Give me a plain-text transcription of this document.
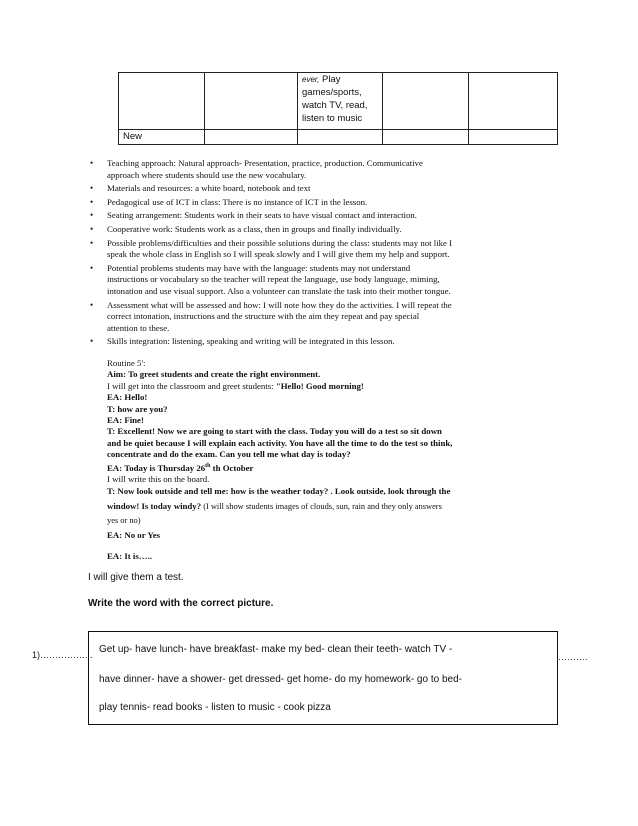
		ever, Play
games/sports,
watch TV, read,
listen to music		

New				
• Teaching approach: Natural approach- Presentation, practice, production. Communicative
approach where students should use the new vocabulary.
• Materials and resources: a white board, notebook and text
• Pedagogical use of ICT in class: There is no instance of ICT in the lesson.
• Seating arrangement: Students work in their seats to have visual contact and interaction.
• Cooperative work: Students work as a class, then in groups and finally individually.
• Possible problems/difficulties and their possible solutions during the class: students may not like I
speak the whole class in English so I will speak slowly and I will give them my help and support.
• Potential problems students may have with the language: students may not understand
instructions or vocabulary so the teacher will repeat the language, use body language, miming,
intonation and use visual support. Also a volunteer can translate the task into their mother tongue.
• Assessment what will be assessed and how: I will note how they do the activities. I will repeat the
correct intonation, instructions and the structure with the aim they repeat and pay special
attention to these.
• Skills integration: listening, speaking and writing will be integrated in this lesson.
Routine 5':
Aim: To greet students and create the right environment.
I will get into the classroom and greet students: "Hello! Good morning!
EA: Hello!
T: how are you?
EA: Fine!
T: Excellent! Now we are going to start with the class. Today you will do a test so sit down
and be quiet because I will explain each activity. You have all the time to do the test so think,
concentrate and do the exam. Can you tell me what day is today?
EA: Today is Thursday 26th th October
I will write this on the board.
T: Now look outside and tell me: how is the weather today? . Look outside, look through the
window! Is today windy? (I will show students images of clouds, sun, rain and they only answers
yes or no)
EA: No or Yes
EA: It is…..
I will give them a test.
Write the word with the correct picture.
1)……………. .	……….
Get up- have lunch- have breakfast- make my bed- clean their teeth- watch TV -
have dinner- have a shower- get dressed- get home- do my homework- go to bed-
play tennis- read books - listen to music - cook pizza
